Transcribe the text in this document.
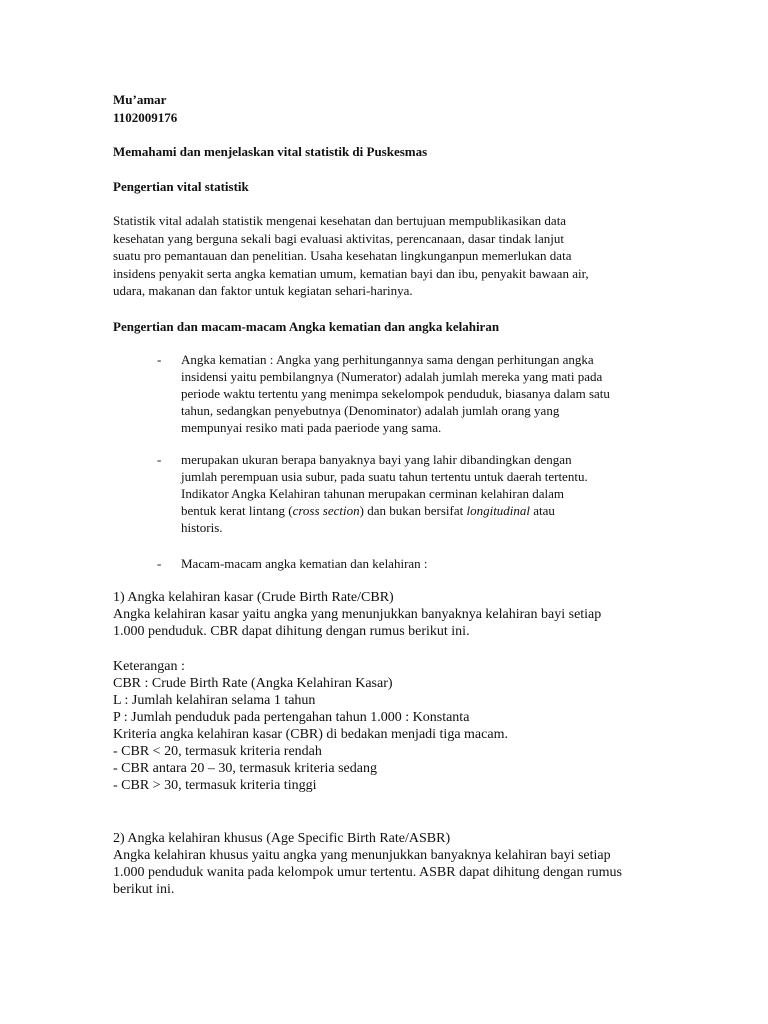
Mu’amar
1102009176
Memahami dan menjelaskan vital statistik di Puskesmas
Pengertian vital statistik
Statistik vital adalah statistik mengenai kesehatan dan bertujuan mempublikasikan data
kesehatan yang berguna sekali bagi evaluasi aktivitas, perencanaan, dasar tindak lanjut
suatu pro pemantauan dan penelitian. Usaha kesehatan lingkunganpun memerlukan data
insidens penyakit serta angka kematian umum, kematian bayi dan ibu, penyakit bawaan air,
udara, makanan dan faktor untuk kegiatan sehari-harinya.
Pengertian dan macam-macam Angka kematian dan angka kelahiran
- Angka kematian : Angka yang perhitungannya sama dengan perhitungan angka
insidensi yaitu pembilangnya (Numerator) adalah jumlah mereka yang mati pada
periode waktu tertentu yang menimpa sekelompok penduduk, biasanya dalam satu
tahun, sedangkan penyebutnya (Denominator) adalah jumlah orang yang
mempunyai resiko mati pada paeriode yang sama.
- merupakan ukuran berapa banyaknya bayi yang lahir dibandingkan dengan
jumlah perempuan usia subur, pada suatu tahun tertentu untuk daerah tertentu.
Indikator Angka Kelahiran tahunan merupakan cerminan kelahiran dalam
bentuk kerat lintang (cross section) dan bukan bersifat longitudinal atau
historis.
- Macam-macam angka kematian dan kelahiran :
1) Angka kelahiran kasar (Crude Birth Rate/CBR)
Angka kelahiran kasar yaitu angka yang menunjukkan banyaknya kelahiran bayi setiap
1.000 penduduk. CBR dapat dihitung dengan rumus berikut ini.
Keterangan :
CBR : Crude Birth Rate (Angka Kelahiran Kasar)
L : Jumlah kelahiran selama 1 tahun
P : Jumlah penduduk pada pertengahan tahun 1.000 : Konstanta
Kriteria angka kelahiran kasar (CBR) di bedakan menjadi tiga macam.
- CBR < 20, termasuk kriteria rendah
- CBR antara 20 – 30, termasuk kriteria sedang
- CBR > 30, termasuk kriteria tinggi
2) Angka kelahiran khusus (Age Specific Birth Rate/ASBR)
Angka kelahiran khusus yaitu angka yang menunjukkan banyaknya kelahiran bayi setiap
1.000 penduduk wanita pada kelompok umur tertentu. ASBR dapat dihitung dengan rumus
berikut ini.
